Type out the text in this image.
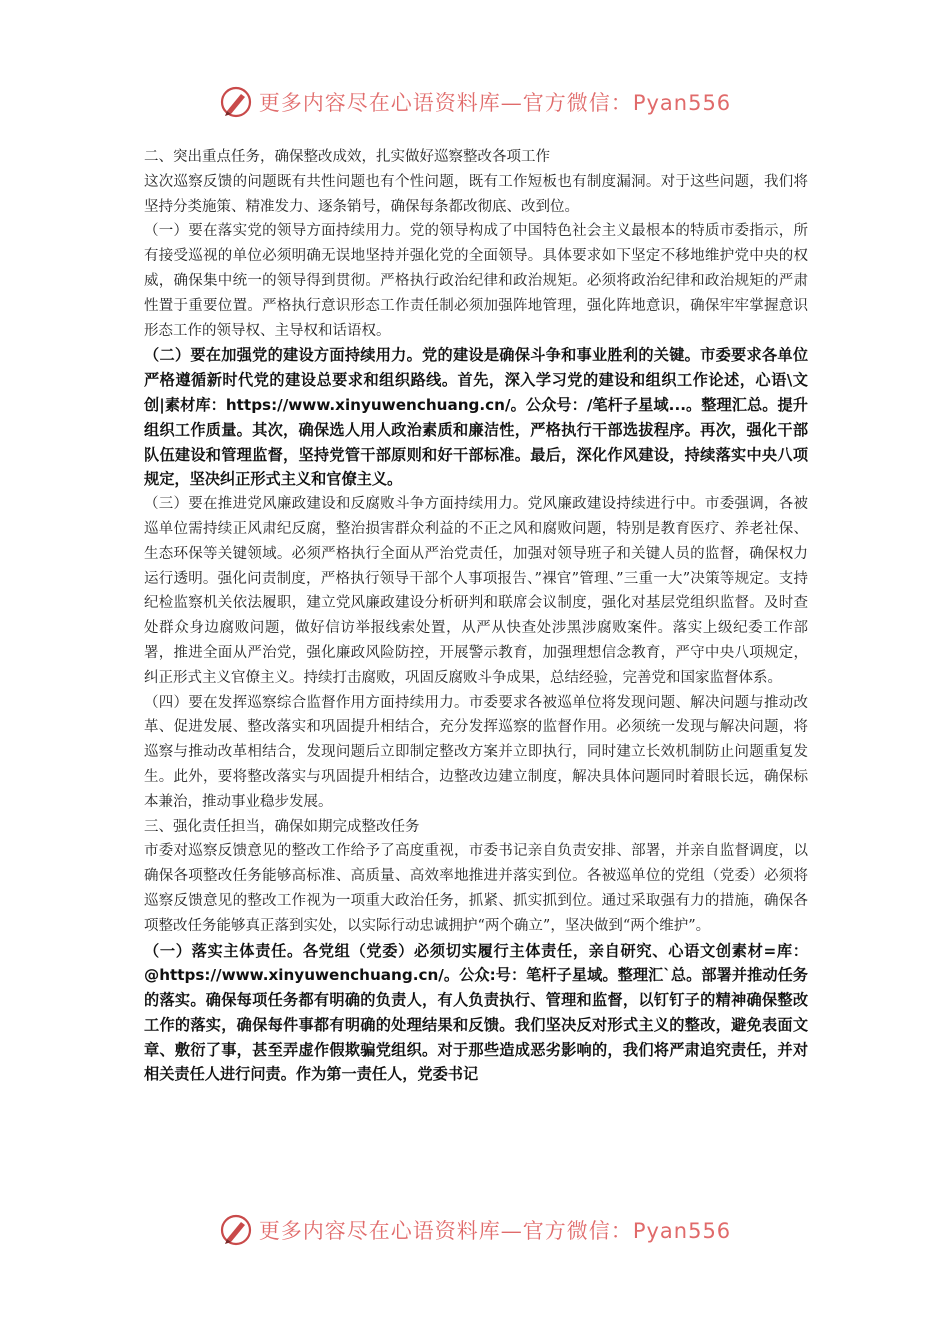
更多内容尽在心语资料库—官方微信：Pyan556

二、突出重点任务，确保整改成效，扎实做好巡察整改各项工作

这次巡察反馈的问题既有共性问题也有个性问题，既有工作短板也有制度漏洞。对于这些问题，我们将坚持分类施策、精准发力、逐条销号，确保每条都改彻底、改到位。

（一）要在落实党的领导方面持续用力。党的领导构成了中国特色社会主义最根本的特质市委指示，所有接受巡视的单位必须明确无误地坚持并强化党的全面领导。具体要求如下坚定不移地维护党中央的权威，确保集中统一的领导得到贯彻。严格执行政治纪律和政治规矩。必须将政治纪律和政治规矩的严肃性置于重要位置。严格执行意识形态工作责任制必须加强阵地管理，强化阵地意识，确保牢牢掌握意识形态工作的领导权、主导权和话语权。

（二）要在加强党的建设方面持续用力。党的建设是确保斗争和事业胜利的关键。市委要求各单位严格遵循新时代党的建设总要求和组织路线。首先，深入学习党的建设和组织工作论述，心语\文创|素材库：https://www.xinyuwenchuang.cn/。公众号：/笔杆子星域...。整理汇总。提升组织工作质量。其次，确保选人用人政治素质和廉洁性，严格执行干部选拔程序。再次，强化干部队伍建设和管理监督，坚持党管干部原则和好干部标准。最后，深化作风建设，持续落实中央八项规定，坚决纠正形式主义和官僚主义。

（三）要在推进党风廉政建设和反腐败斗争方面持续用力。党风廉政建设持续进行中。市委强调，各被巡单位需持续正风肃纪反腐，整治损害群众利益的不正之风和腐败问题，特别是教育医疗、养老社保、生态环保等关键领域。必须严格执行全面从严治党责任，加强对领导班子和关键人员的监督，确保权力运行透明。强化问责制度，严格执行领导干部个人事项报告、”裸官”管理、”三重一大”决策等规定。支持纪检监察机关依法履职，建立党风廉政建设分析研判和联席会议制度，强化对基层党组织监督。及时查处群众身边腐败问题，做好信访举报线索处置，从严从快查处涉黑涉腐败案件。落实上级纪委工作部署，推进全面从严治党，强化廉政风险防控，开展警示教育，加强理想信念教育，严守中央八项规定，纠正形式主义官僚主义。持续打击腐败，巩固反腐败斗争成果，总结经验，完善党和国家监督体系。

（四）要在发挥巡察综合监督作用方面持续用力。市委要求各被巡单位将发现问题、解决问题与推动改革、促进发展、整改落实和巩固提升相结合，充分发挥巡察的监督作用。必须统一发现与解决问题，将巡察与推动改革相结合，发现问题后立即制定整改方案并立即执行，同时建立长效机制防止问题重复发生。此外，要将整改落实与巩固提升相结合，边整改边建立制度，解决具体问题同时着眼长远，确保标本兼治，推动事业稳步发展。

三、强化责任担当，确保如期完成整改任务

市委对巡察反馈意见的整改工作给予了高度重视，市委书记亲自负责安排、部署，并亲自监督调度，以确保各项整改任务能够高标准、高质量、高效率地推进并落实到位。各被巡单位的党组（党委）必须将巡察反馈意见的整改工作视为一项重大政治任务，抓紧、抓实抓到位。通过采取强有力的措施，确保各项整改任务能够真正落到实处，以实际行动忠诚拥护“两个确立”，坚决做到“两个维护”。

（一）落实主体责任。各党组（党委）必须切实履行主体责任，亲自研究、心语文创素材=库：@https://www.xinyuwenchuang.cn/。公众:号：笔杆子星域。整理汇`总。部署并推动任务的落实。确保每项任务都有明确的负责人，有人负责执行、管理和监督，以钉钉子的精神确保整改工作的落实，确保每件事都有明确的处理结果和反馈。我们坚决反对形式主义的整改，避免表面文章、敷衍了事，甚至弄虚作假欺骗党组织。对于那些造成恶劣影响的，我们将严肃追究责任，并对相关责任人进行问责。作为第一责任人，党委书记

更多内容尽在心语资料库—官方微信：Pyan556
